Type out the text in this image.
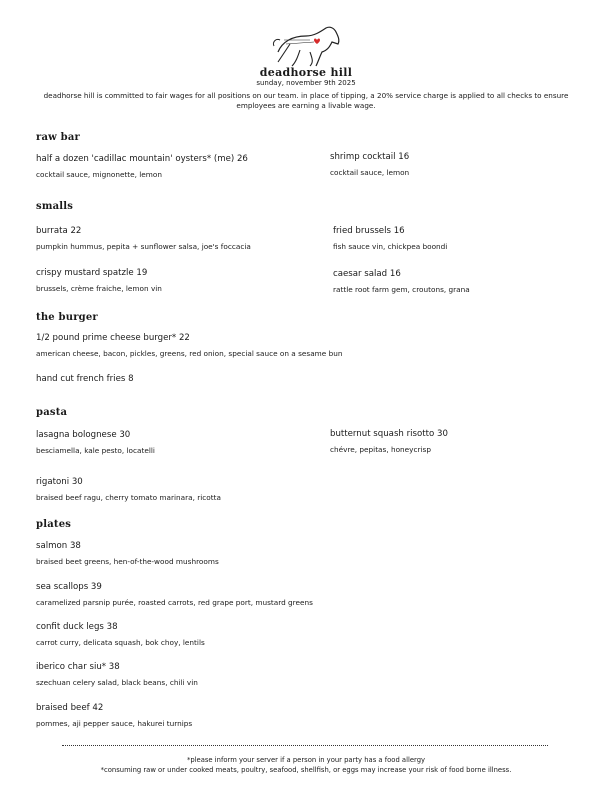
deadhorse hill
sunday, november 9th 2025
deadhorse hill is committed to fair wages for all positions on our team. in place of tipping, a 20% service charge is applied to all checks to ensure employees are earning a livable wage.
raw bar
half a dozen 'cadillac mountain' oysters* (me) 26
cocktail sauce, mignonette, lemon
shrimp cocktail 16
cocktail sauce, lemon
smalls
burrata 22
pumpkin hummus, pepita + sunflower salsa, joe's foccacia
fried brussels 16
fish sauce vin, chickpea boondi
crispy mustard spatzle 19
brussels, crème fraiche, lemon vin
caesar salad 16
rattle root farm gem, croutons, grana
the burger
1/2 pound prime cheese burger* 22
american cheese, bacon, pickles, greens, red onion, special sauce on a sesame bun
hand cut french fries 8
pasta
lasagna bolognese 30
besciamella, kale pesto, locatelli
butternut squash risotto 30
chévre, pepitas, honeycrisp
rigatoni 30
braised beef ragu, cherry tomato marinara, ricotta
plates
salmon 38
braised beet greens, hen-of-the-wood mushrooms
sea scallops 39
caramelized parsnip purée, roasted carrots, red grape port, mustard greens
confit duck legs 38
carrot curry, delicata squash, bok choy, lentils
iberico char siu* 38
szechuan celery salad, black beans, chili vin
braised beef 42
pommes, aji pepper sauce, hakurei turnips
*please inform your server if a person in your party has a food allergy
*consuming raw or under cooked meats, poultry, seafood, shellfish, or eggs may increase your risk of food borne illness.
